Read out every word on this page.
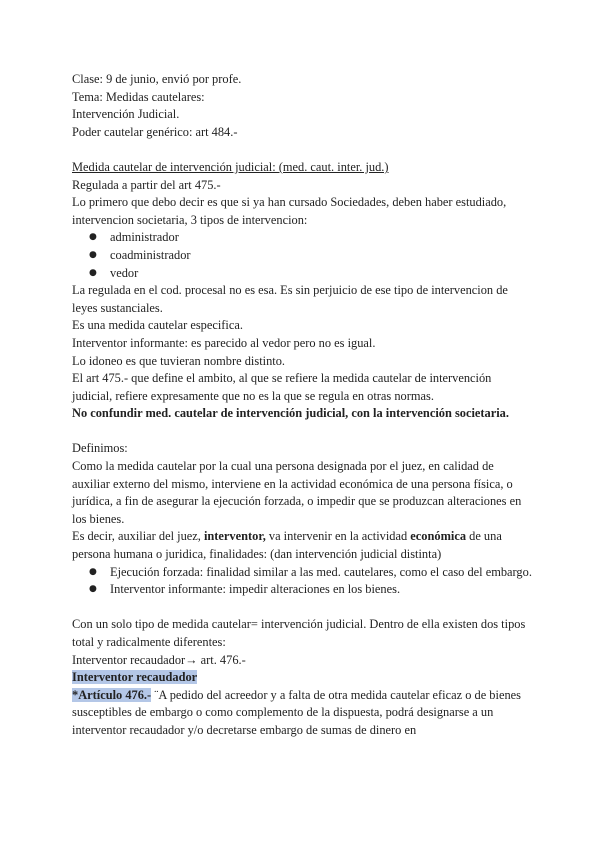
Clase: 9 de junio, envió por profe.

Tema: Medidas cautelares:

Intervención Judicial.

Poder cautelar genérico: art 484.-

Medida cautelar de intervención judicial: (med. caut. inter. jud.)

Regulada a partir del art 475.-

Lo primero que debo decir es que si ya han cursado Sociedades, deben haber estudiado, intervencion societaria, 3 tipos de intervencion:

● administrador
● coadministrador
● vedor

La regulada en el cod. procesal no es esa. Es sin perjuicio de ese tipo de intervencion de leyes sustanciales.

Es una medida cautelar especifica.

Interventor informante: es parecido al vedor pero no es igual.

Lo idoneo es que tuvieran nombre distinto.

El art 475.- que define el ambito, al que se refiere la medida cautelar de intervención judicial, refiere expresamente que no es la que se regula en otras normas.

No confundir med. cautelar de intervención judicial, con la intervención societaria.

Definimos:

Como la medida cautelar por la cual una persona designada por el juez, en calidad de auxiliar externo del mismo, interviene en la actividad económica de una persona física, o jurídica, a fin de asegurar la ejecución forzada, o impedir que se produzcan alteraciones en los bienes.

Es decir, auxiliar del juez, interventor, va intervenir en la actividad económica de una persona humana o juridica, finalidades: (dan intervención judicial distinta)

● Ejecución forzada: finalidad similar a las med. cautelares, como el caso del embargo.
● Interventor informante: impedir alteraciones en los bienes.

Con un solo tipo de medida cautelar= intervención judicial. Dentro de ella existen dos tipos total y radicalmente diferentes:

Interventor recaudador→ art. 476.-

Interventor recaudador

*Artículo 476.- ¨A pedido del acreedor y a falta de otra medida cautelar eficaz o de bienes susceptibles de embargo o como complemento de la dispuesta, podrá designarse a un interventor recaudador y/o decretarse embargo de sumas de dinero en
